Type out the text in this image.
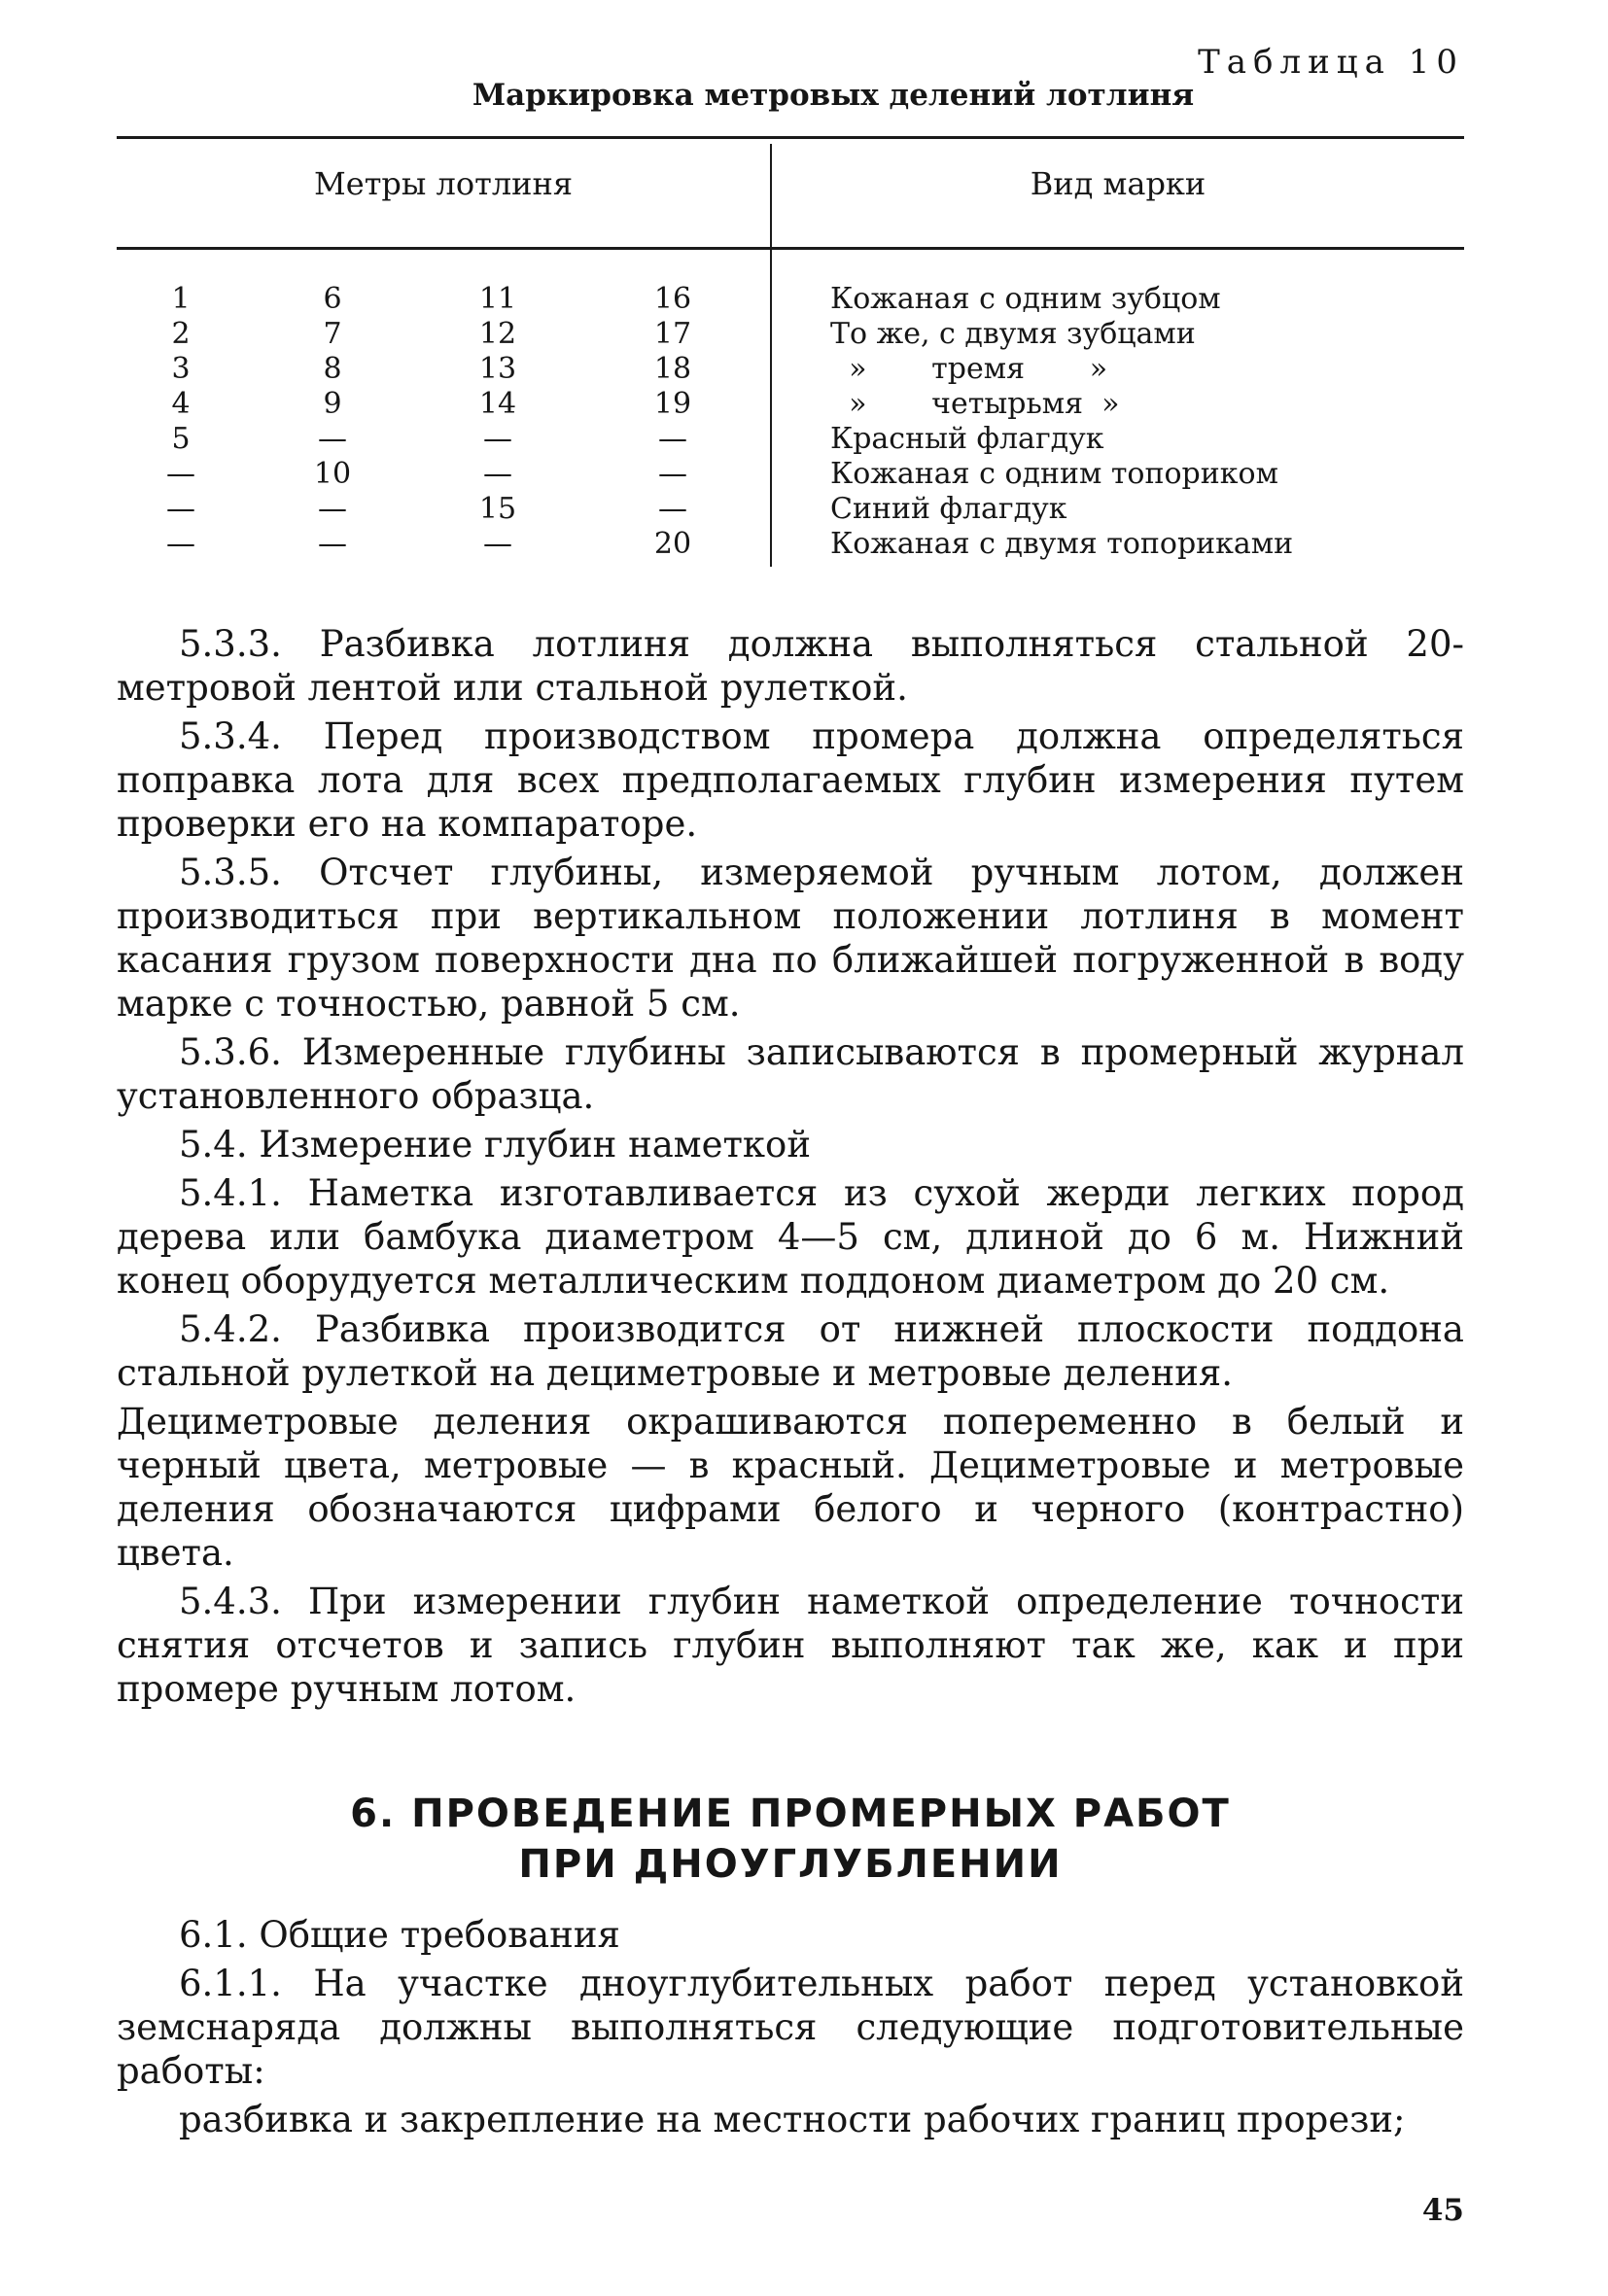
Таблица 10
Маркировка метровых делений лотлиня
Метры лотлиня	Вид марки
1	6	11	16	Кожаная с одним зубцом
2	7	12	17	То же, с двумя зубцами
3	8	13	18	»       тремя       »
4	9	14	19	»       четырьмя  »
5	—	—	—	Красный флагдук
—	10	—	—	Кожаная с одним топориком
—	—	15	—	Синий флагдук
—	—	—	20	Кожаная с двумя топориками

5.3.3. Разбивка лотлиня должна выполняться стальной 20-метровой лентой или стальной рулеткой.

5.3.4. Перед производством промера должна определяться поправка лота для всех предполагаемых глубин измерения путем проверки его на компараторе.

5.3.5. Отсчет глубины, измеряемой ручным лотом, должен производиться при вертикальном положении лотлиня в момент касания грузом поверхности дна по ближайшей погруженной в воду марке с точностью, равной 5 см.

5.3.6. Измеренные глубины записываются в промерный журнал установленного образца.

5.4. Измерение глубин наметкой

5.4.1. Наметка изготавливается из сухой жерди легких пород дерева или бамбука диаметром 4—5 см, длиной до 6 м. Нижний конец оборудуется металлическим поддоном диаметром до 20 см.

5.4.2. Разбивка производится от нижней плоскости поддона стальной рулеткой на дециметровые и метровые деления.

Дециметровые деления окрашиваются попеременно в белый и черный цвета, метровые — в красный. Дециметровые и метровые деления обозначаются цифрами белого и черного (контрастно) цвета.

5.4.3. При измерении глубин наметкой определение точности снятия отсчетов и запись глубин выполняют так же, как и при промере ручным лотом.

6. ПРОВЕДЕНИЕ ПРОМЕРНЫХ РАБОТ
ПРИ ДНОУГЛУБЛЕНИИ

6.1. Общие требования

6.1.1. На участке дноуглубительных работ перед установкой земснаряда должны выполняться следующие подготовительные работы:

разбивка и закрепление на местности рабочих границ прорези;

45
